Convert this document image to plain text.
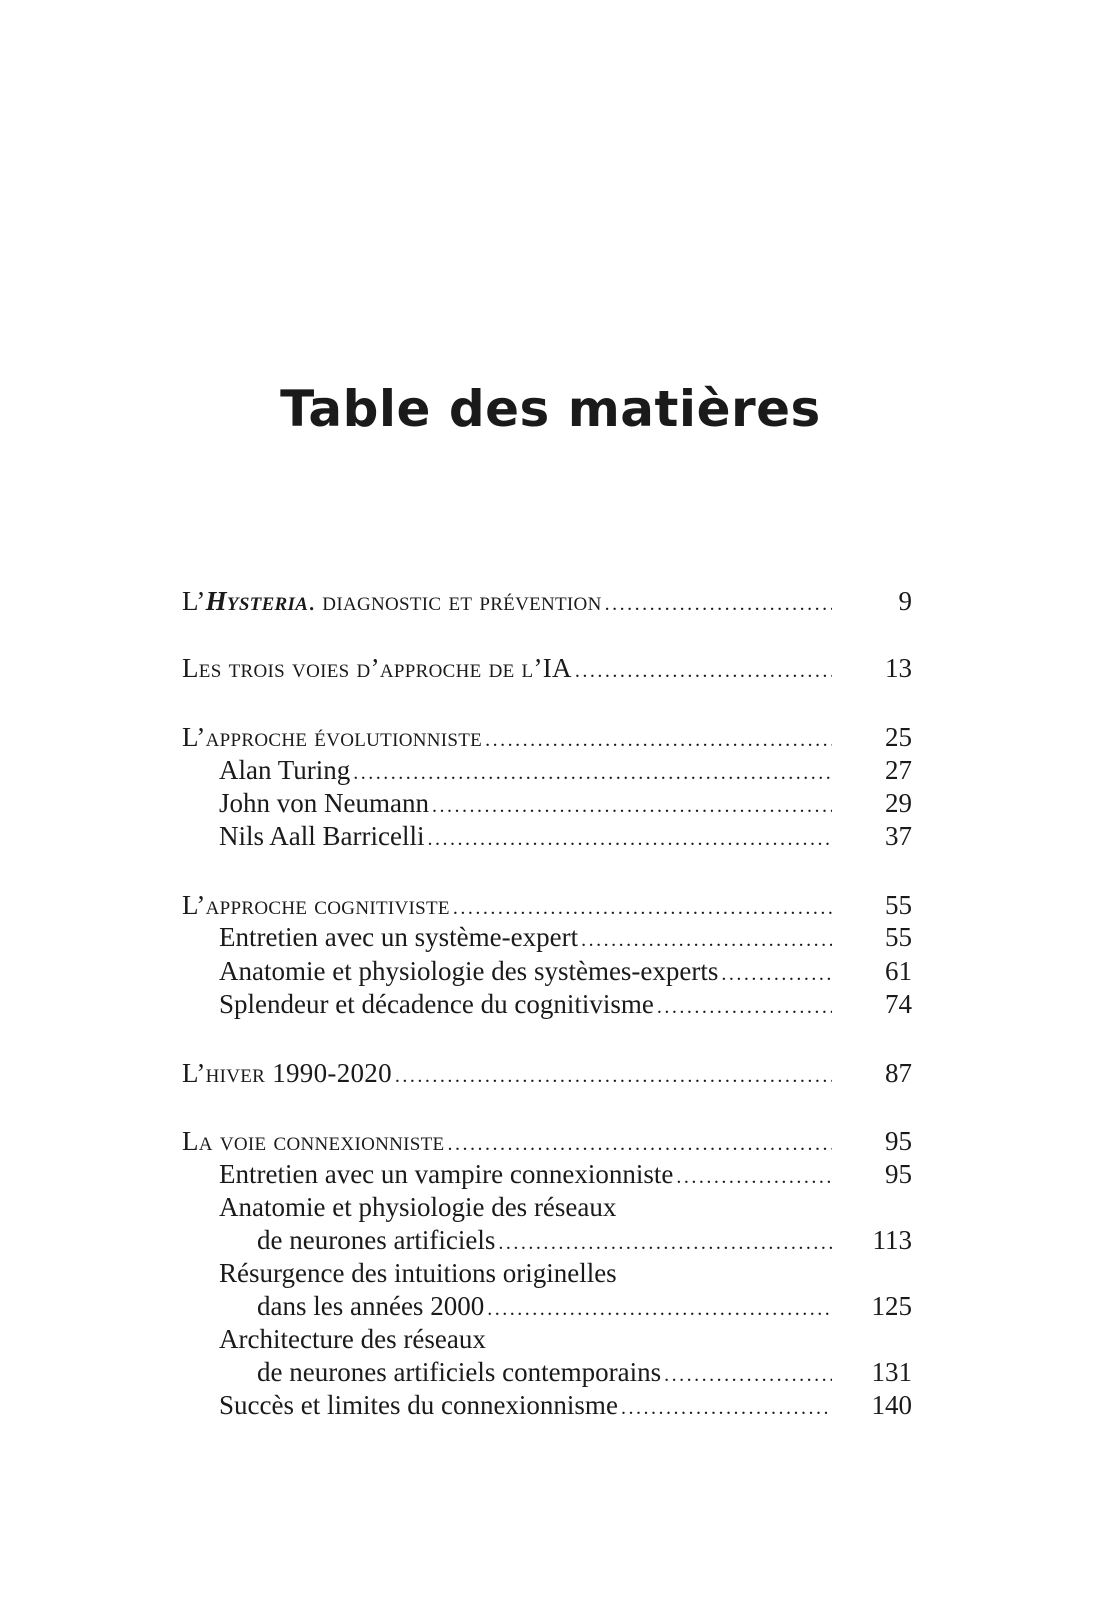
Table des matières
L’Hysteria. diagnostic et prévention .....	9
Les trois voies d’approche de l’IA .....	13
L’approche évolutionniste .....	25
Alan Turing .....	27
John von Neumann .....	29
Nils Aall Barricelli .....	37
L’approche cognitiviste .....	55
Entretien avec un système-expert .....	55
Anatomie et physiologie des systèmes-experts .....	61
Splendeur et décadence du cognitivisme .....	74
L’hiver 1990-2020 .....	87
La voie connexionniste .....	95
Entretien avec un vampire connexionniste .....	95
Anatomie et physiologie des réseaux
de neurones artificiels .....	113
Résurgence des intuitions originelles
dans les années 2000 .....	125
Architecture des réseaux
de neurones artificiels contemporains .....	131
Succès et limites du connexionnisme .....	140
